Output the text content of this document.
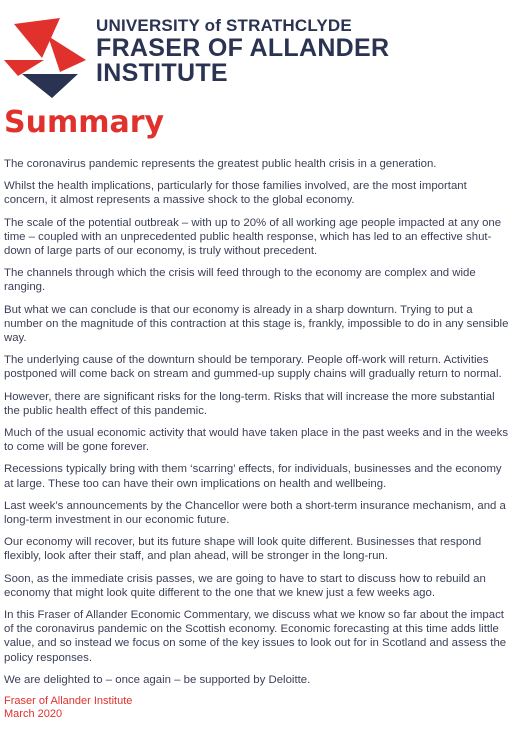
UNIVERSITY of STRATHCLYDE
FRASER OF ALLANDER
INSTITUTE
Summary

The coronavirus pandemic represents the greatest public health crisis in a generation.

Whilst the health implications, particularly for those families involved, are the most important concern, it almost represents a massive shock to the global economy.

The scale of the potential outbreak – with up to 20% of all working age people impacted at any one time – coupled with an unprecedented public health response, which has led to an effective shut-down of large parts of our economy, is truly without precedent.

The channels through which the crisis will feed through to the economy are complex and wide ranging.

But what we can conclude is that our economy is already in a sharp downturn. Trying to put a number on the magnitude of this contraction at this stage is, frankly, impossible to do in any sensible way.

The underlying cause of the downturn should be temporary. People off-work will return. Activities postponed will come back on stream and gummed-up supply chains will gradually return to normal.

However, there are significant risks for the long-term. Risks that will increase the more substantial the public health effect of this pandemic.

Much of the usual economic activity that would have taken place in the past weeks and in the weeks to come will be gone forever.

Recessions typically bring with them ‘scarring’ effects, for individuals, businesses and the economy at large. These too can have their own implications on health and wellbeing.

Last week’s announcements by the Chancellor were both a short-term insurance mechanism, and a long-term investment in our economic future.

Our economy will recover, but its future shape will look quite different. Businesses that respond flexibly, look after their staff, and plan ahead, will be stronger in the long-run.

Soon, as the immediate crisis passes, we are going to have to start to discuss how to rebuild an economy that might look quite different to the one that we knew just a few weeks ago.

In this Fraser of Allander Economic Commentary, we discuss what we know so far about the impact of the coronavirus pandemic on the Scottish economy. Economic forecasting at this time adds little value, and so instead we focus on some of the key issues to look out for in Scotland and assess the policy responses.

We are delighted to – once again – be supported by Deloitte.

Fraser of Allander Institute
March 2020
